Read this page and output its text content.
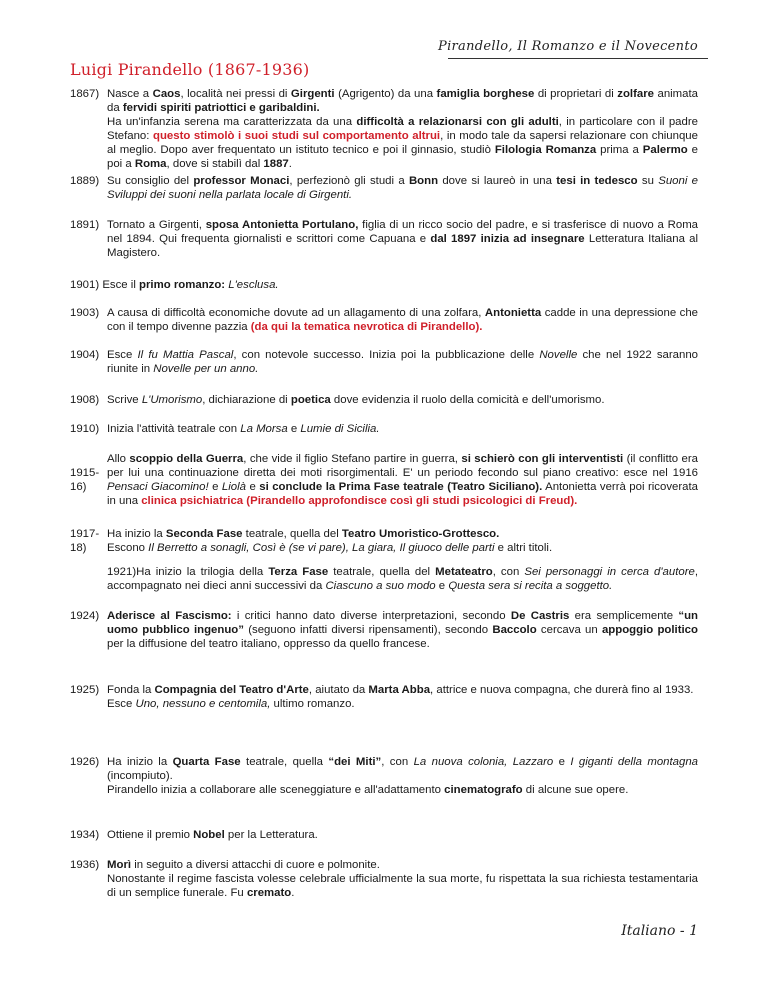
Pirandello, Il Romanzo e il Novecento
Luigi Pirandello (1867-1936)
1867) Nasce a Caos, località nei pressi di Girgenti (Agrigento) da una famiglia borghese di proprietari di zolfare animata da fervidi spiriti patriottici e garibaldini.
Ha un'infanzia serena ma caratterizzata da una difficoltà a relazionarsi con gli adulti, in particolare con il padre Stefano: questo stimolò i suoi studi sul comportamento altrui, in modo tale da sapersi relazionare con chiunque al meglio. Dopo aver frequentato un istituto tecnico e poi il ginnasio, studiò Filologia Romanza prima a Palermo e poi a Roma, dove si stabilì dal 1887.
1889) Su consiglio del professor Monaci, perfezionò gli studi a Bonn dove si laureò in una tesi in tedesco su Suoni e Sviluppi dei suoni nella parlata locale di Girgenti.
1891) Tornato a Girgenti, sposa Antonietta Portulano, figlia di un ricco socio del padre, e si trasferisce di nuovo a Roma nel 1894. Qui frequenta giornalisti e scrittori come Capuana e dal 1897 inizia ad insegnare Letteratura Italiana al Magistero.
1901) Esce il primo romanzo: L'esclusa.
1903) A causa di difficoltà economiche dovute ad un allagamento di una zolfara, Antonietta cadde in una depressione che con il tempo divenne pazzia (da qui la tematica nevrotica di Pirandello).
1904) Esce Il fu Mattia Pascal, con notevole successo. Inizia poi la pubblicazione delle Novelle che nel 1922 saranno riunite in Novelle per un anno.
1908) Scrive L'Umorismo, dichiarazione di poetica dove evidenzia il ruolo della comicità e dell'umorismo.
1910) Inizia l'attività teatrale con La Morsa e Lumie di Sicilia.
1915-
16)
Allo scoppio della Guerra, che vide il figlio Stefano partire in guerra, si schierò con gli interventisti (il conflitto era per lui una continuazione diretta dei moti risorgimentali. E' un periodo fecondo sul piano creativo: esce nel 1916 Pensaci Giacomino! e Liolà e si conclude la Prima Fase teatrale (Teatro Siciliano). Antonietta verrà poi ricoverata in una clinica psichiatrica (Pirandello approfondisce così gli studi psicologici di Freud).
1917-
18)
Ha inizio la Seconda Fase teatrale, quella del Teatro Umoristico-Grottesco.
Escono Il Berretto a sonagli, Così è (se vi pare), La giara, Il giuoco delle parti e altri titoli.
1921)Ha inizio la trilogia della Terza Fase teatrale, quella del Metateatro, con Sei personaggi in cerca d'autore, accompagnato nei dieci anni successivi da Ciascuno a suo modo e Questa sera si recita a soggetto.
1924) Aderisce al Fascismo: i critici hanno dato diverse interpretazioni, secondo De Castris era semplicemente “un uomo pubblico ingenuo” (seguono infatti diversi ripensamenti), secondo Baccolo cercava un appoggio politico per la diffusione del teatro italiano, oppresso da quello francese.
1925) Fonda la Compagnia del Teatro d'Arte, aiutato da Marta Abba, attrice e nuova compagna, che durerà fino al 1933.
Esce Uno, nessuno e centomila, ultimo romanzo.
1926) Ha inizio la Quarta Fase teatrale, quella “dei Miti”, con La nuova colonia, Lazzaro e I giganti della montagna (incompiuto).
Pirandello inizia a collaborare alle sceneggiature e all'adattamento cinematografo di alcune sue opere.
1934) Ottiene il premio Nobel per la Letteratura.
1936) Morì in seguito a diversi attacchi di cuore e polmonite.
Nonostante il regime fascista volesse celebrale ufficialmente la sua morte, fu rispettata la sua richiesta testamentaria di un semplice funerale. Fu cremato.
Italiano - 1
